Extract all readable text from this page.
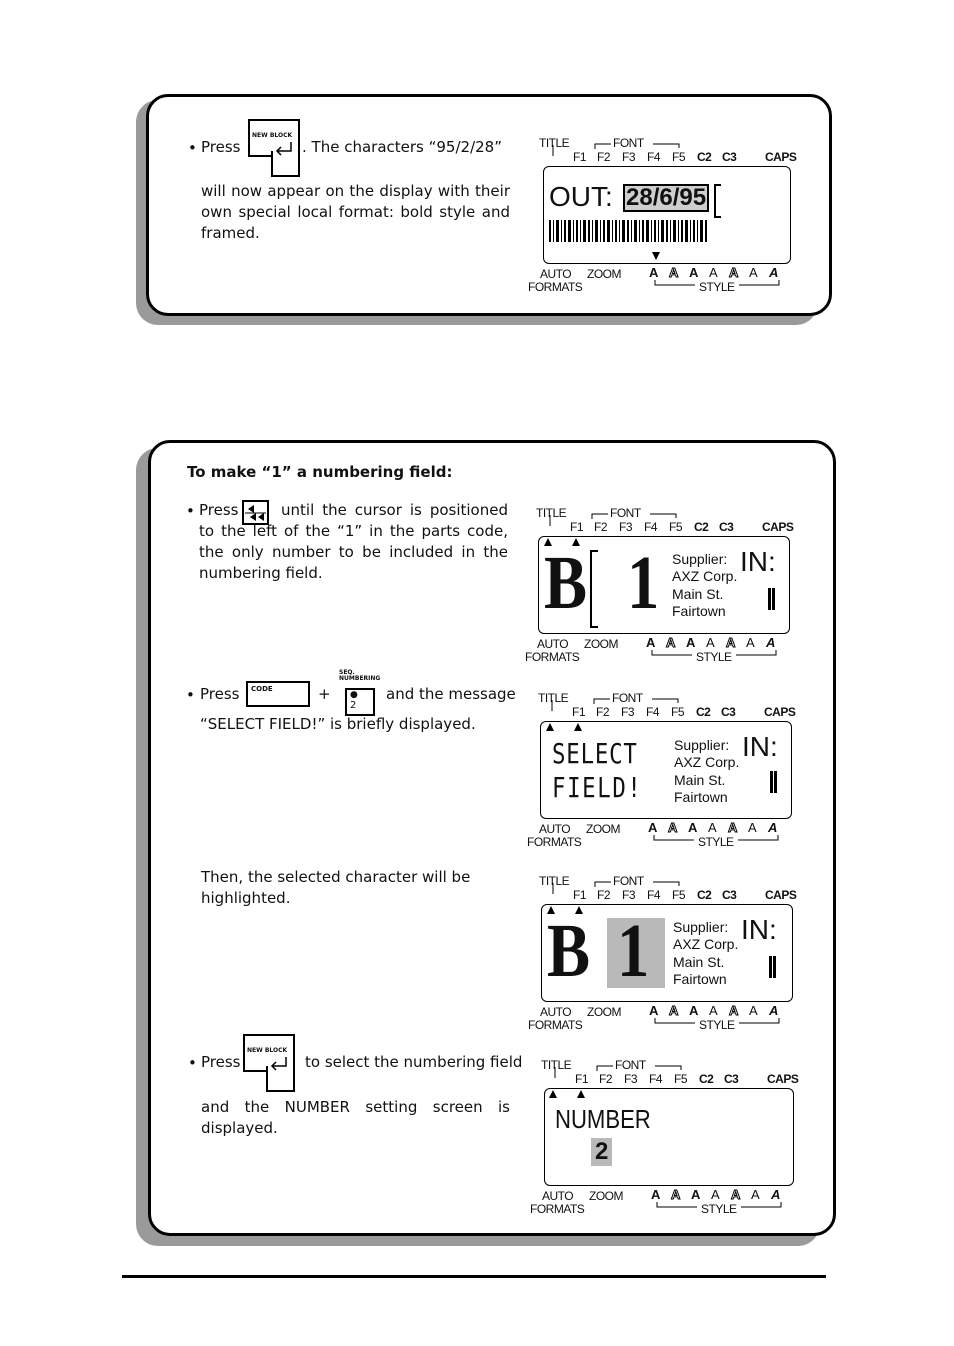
• Press
NEW BLOCK
. The characters “95/2/28”
will now appear on the display with their own special local format: bold style and framed.
TITLE	FONT
F1 F2 F3 F4 F5 C2 C3 CAPS
OUT: 28/6/95
AUTO ZOOM
FORMATS
A A A A A A A
STYLE
To make “1” a numbering field:
• Press	until the cursor is positioned to the left of the “1” in the parts code, the only number to be included in the numbering field.
• Press CODE	+
SEQ. NUMBERING
●
2
and the message
“SELECT FIELD!” is briefly displayed.
Then, the selected character will be highlighted.
• Press
NEW BLOCK
to select the numbering field
and the NUMBER setting screen is displayed.
TITLE	FONT
F1 F2 F3 F4 F5 C2 C3 CAPS
B 1 Supplier:
AXZ Corp.
Main St.
Fairtown
IN:
AUTO ZOOM
FORMATS
A A A A A A A
STYLE
TITLE	FONT
F1 F2 F3 F4 F5 C2 C3 CAPS
SELECT
FIELD!
Supplier:
AXZ Corp.
Main St.
Fairtown
IN:
AUTO ZOOM
FORMATS
A A A A A A A
STYLE
TITLE	FONT
F1 F2 F3 F4 F5 C2 C3 CAPS
B 1 Supplier:
AXZ Corp.
Main St.
Fairtown
IN:
AUTO ZOOM
FORMATS
A A A A A A A
STYLE
TITLE	FONT
F1 F2 F3 F4 F5 C2 C3 CAPS
NUMBER
2
AUTO ZOOM
FORMATS
A A A A A A A
STYLE
